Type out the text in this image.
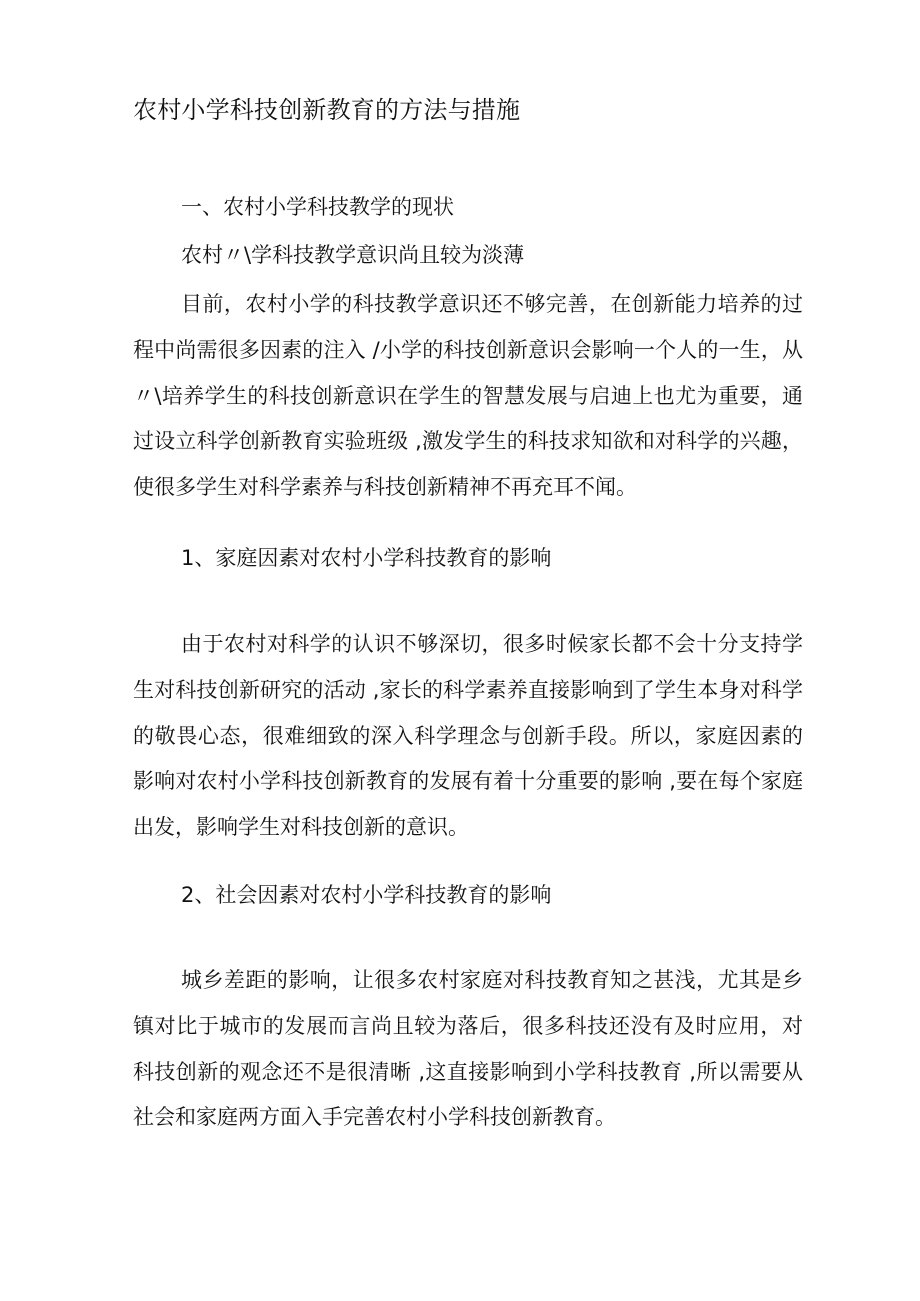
农村小学科技创新教育的方法与措施
一、农村小学科技教学的现状
农村〃\学科技教学意识尚且较为淡薄

目前，农村小学的科技教学意识还不够完善，在创新能力培养的过程中尚需很多因素的注入 /小学的科技创新意识会影响一个人的一生，从〃\培养学生的科技创新意识在学生的智慧发展与启迪上也尤为重要，通过设立科学创新教育实验班级 ,激发学生的科技求知欲和对科学的兴趣，使很多学生对科学素养与科技创新精神不再充耳不闻。

1、家庭因素对农村小学科技教育的影响

由于农村对科学的认识不够深切，很多时候家长都不会十分支持学生对科技创新研究的活动 ,家长的科学素养直接影响到了学生本身对科学的敬畏心态，很难细致的深入科学理念与创新手段。所以，家庭因素的影响对农村小学科技创新教育的发展有着十分重要的影响 ,要在每个家庭出发，影响学生对科技创新的意识。

2、社会因素对农村小学科技教育的影响

城乡差距的影响，让很多农村家庭对科技教育知之甚浅，尤其是乡镇对比于城市的发展而言尚且较为落后，很多科技还没有及时应用，对科技创新的观念还不是很清晰 ,这直接影响到小学科技教育 ,所以需要从社会和家庭两方面入手完善农村小学科技创新教育。
